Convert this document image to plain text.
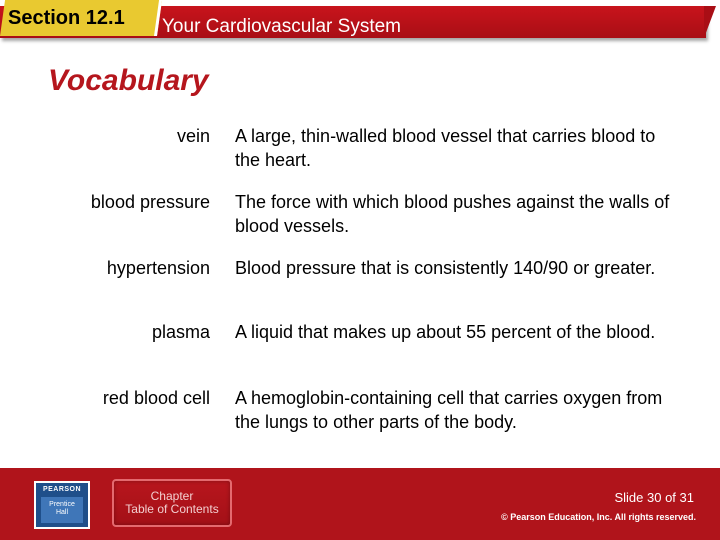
Section 12.1 Your Cardiovascular System
Vocabulary
vein A large, thin-walled blood vessel that carries blood to the heart.
blood pressure The force with which blood pushes against the walls of blood vessels.
hypertension Blood pressure that is consistently 140/90 or greater.
plasma A liquid that makes up about 55 percent of the blood.
red blood cell A hemoglobin-containing cell that carries oxygen from the lungs to other parts of the body.
PEARSON
Prentice
Hall
Chapter
Table of Contents
Slide 30 of 31
© Pearson Education, Inc. All rights reserved.
